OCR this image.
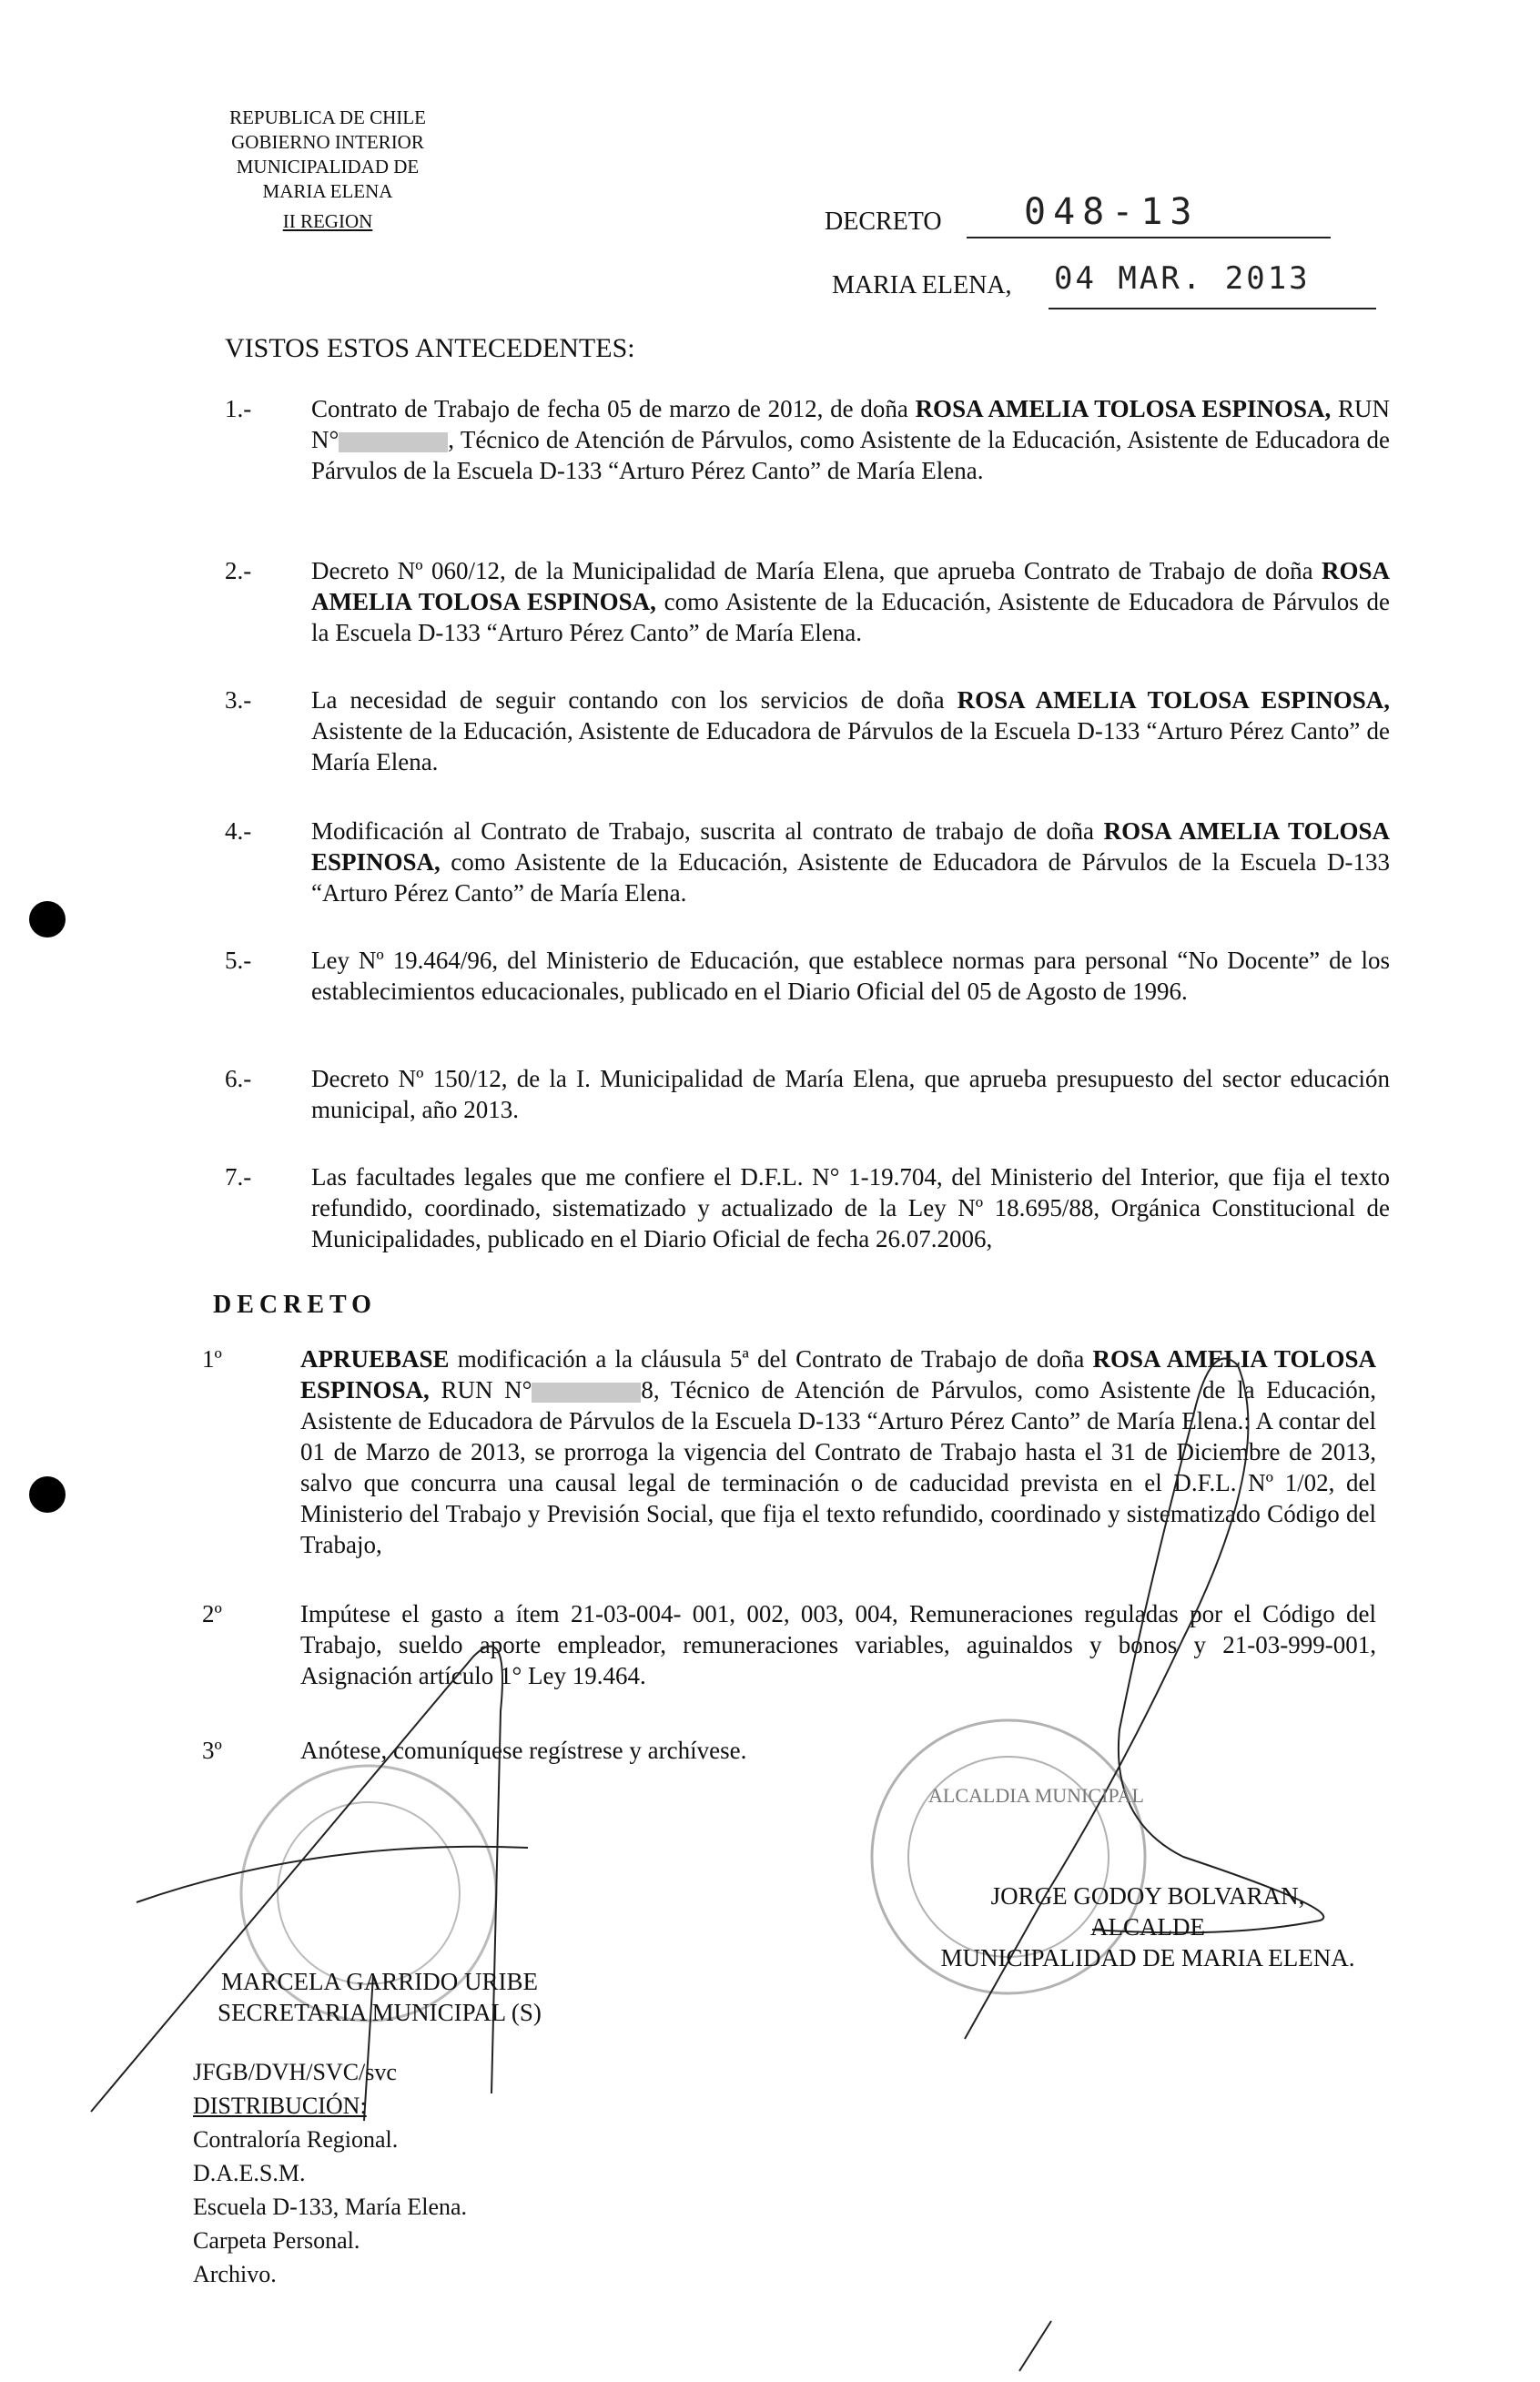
REPUBLICA DE CHILE
GOBIERNO INTERIOR
MUNICIPALIDAD DE
MARIA ELENA
II REGION	DECRETO 048-13
MARIA ELENA, 04 MAR. 2013
VISTOS ESTOS ANTECEDENTES:
1.- Contrato de Trabajo de fecha 05 de marzo de 2012, de doña ROSA AMELIA TOLOSA ESPINOSA, RUN N°	, Técnico de Atención de Párvulos, como Asistente de la Educación, Asistente de Educadora de Párvulos de la Escuela D-133 “Arturo Pérez Canto” de María Elena.
2.- Decreto Nº 060/12, de la Municipalidad de María Elena, que aprueba Contrato de Trabajo de doña ROSA AMELIA TOLOSA ESPINOSA, como Asistente de la Educación, Asistente de Educadora de Párvulos de la Escuela D-133 “Arturo Pérez Canto” de María Elena.
3.- La necesidad de seguir contando con los servicios de doña ROSA AMELIA TOLOSA ESPINOSA, Asistente de la Educación, Asistente de Educadora de Párvulos de la Escuela D-133 “Arturo Pérez Canto” de María Elena.
4.- Modificación al Contrato de Trabajo, suscrita al contrato de trabajo de doña ROSA AMELIA TOLOSA ESPINOSA, como Asistente de la Educación, Asistente de Educadora de Párvulos de la Escuela D-133 “Arturo Pérez Canto” de María Elena.
5.- Ley Nº 19.464/96, del Ministerio de Educación, que establece normas para personal “No Docente” de los establecimientos educacionales, publicado en el Diario Oficial del 05 de Agosto de 1996.
6.- Decreto Nº 150/12, de la I. Municipalidad de María Elena, que aprueba presupuesto del sector educación municipal, año 2013.
7.- Las facultades legales que me confiere el D.F.L. N° 1-19.704, del Ministerio del Interior, que fija el texto refundido, coordinado, sistematizado y actualizado de la Ley Nº 18.695/88, Orgánica Constitucional de Municipalidades, publicado en el Diario Oficial de fecha 26.07.2006,
DECRETO
1º	APRUEBASE modificación a la cláusula 5ª del Contrato de Trabajo de doña ROSA AMELIA TOLOSA ESPINOSA, RUN N°	8, Técnico de Atención de Párvulos, como Asistente de la Educación, Asistente de Educadora de Párvulos de la Escuela D-133 “Arturo Pérez Canto” de María Elena.: A contar del 01 de Marzo de 2013, se prorroga la vigencia del Contrato de Trabajo hasta el 31 de Diciembre de 2013, salvo que concurra una causal legal de terminación o de caducidad prevista en el D.F.L. Nº 1/02, del Ministerio del Trabajo y Previsión Social, que fija el texto refundido, coordinado y sistematizado Código del Trabajo,
2º	Impútese el gasto a ítem 21-03-004- 001, 002, 003, 004, Remuneraciones reguladas por el Código del Trabajo, sueldo aporte empleador, remuneraciones variables, aguinaldos y bonos y 21-03-999-001, Asignación artículo 1° Ley 19.464.
3º	Anótese, comuníquese regístrese y archívese.
ALCALDIA MUNICIPAL
JORGE GODOY BOLVARAN,
ALCALDE
MUNICIPALIDAD DE MARIA ELENA.
MARCELA GARRIDO URIBE
SECRETARIA MUNICIPAL (S)
JFGB/DVH/SVC/svc
DISTRIBUCIÓN:
Contraloría Regional.
D.A.E.S.M.
Escuela D-133, María Elena.
Carpeta Personal.
Archivo.
